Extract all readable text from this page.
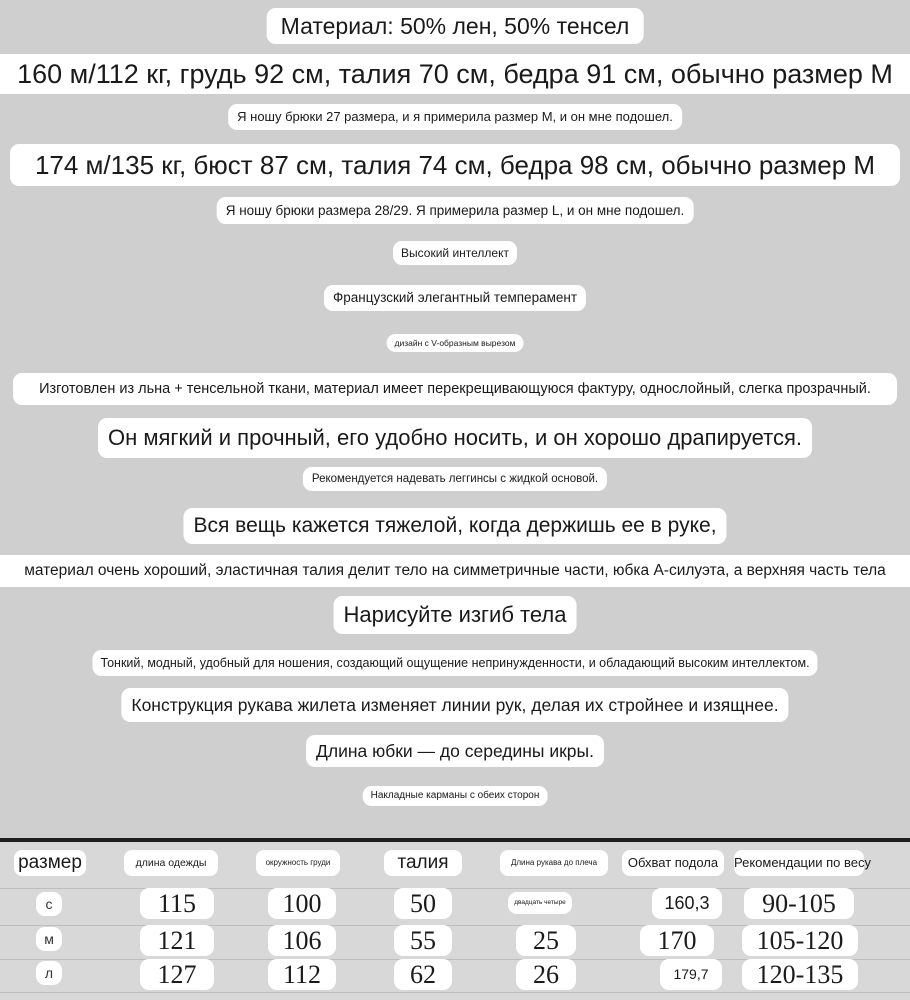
Материал: 50% лен, 50% тенсел
160 м/112 кг, грудь 92 см, талия 70 см, бедра 91 см, обычно размер M
Я ношу брюки 27 размера, и я примерила размер М, и он мне подошел.
174 м/135 кг, бюст 87 см, талия 74 см, бедра 98 см, обычно размер M
Я ношу брюки размера 28/29. Я примерила размер L, и он мне подошел.
Высокий интеллект
Французский элегантный темперамент
дизайн с V-образным вырезом
Изготовлен из льна + тенсельной ткани, материал имеет перекрещивающуюся фактуру, однослойный, слегка прозрачный.
Он мягкий и прочный, его удобно носить, и он хорошо драпируется.
Рекомендуется надевать леггинсы с жидкой основой.
Вся вещь кажется тяжелой, когда держишь ее в руке,
материал очень хороший, эластичная талия делит тело на симметричные части, юбка А-силуэта, а верхняя часть тела
Нарисуйте изгиб тела
Тонкий, модный, удобный для ношения, создающий ощущение непринужденности, и обладающий высоким интеллектом.
Конструкция рукава жилета изменяет линии рук, делая их стройнее и изящнее.
Длина юбки — до середины икры.
Накладные карманы с обеих сторон
размер	длина одежды	окружность груди	талия	Длина рукава до плеча	Обхват подола	Рекомендации по весу
с	115	100	50	двадцать четыре	160,3	90-105
м	121	106	55	25	170	105-120
л	127	112	62	26	179,7	120-135
